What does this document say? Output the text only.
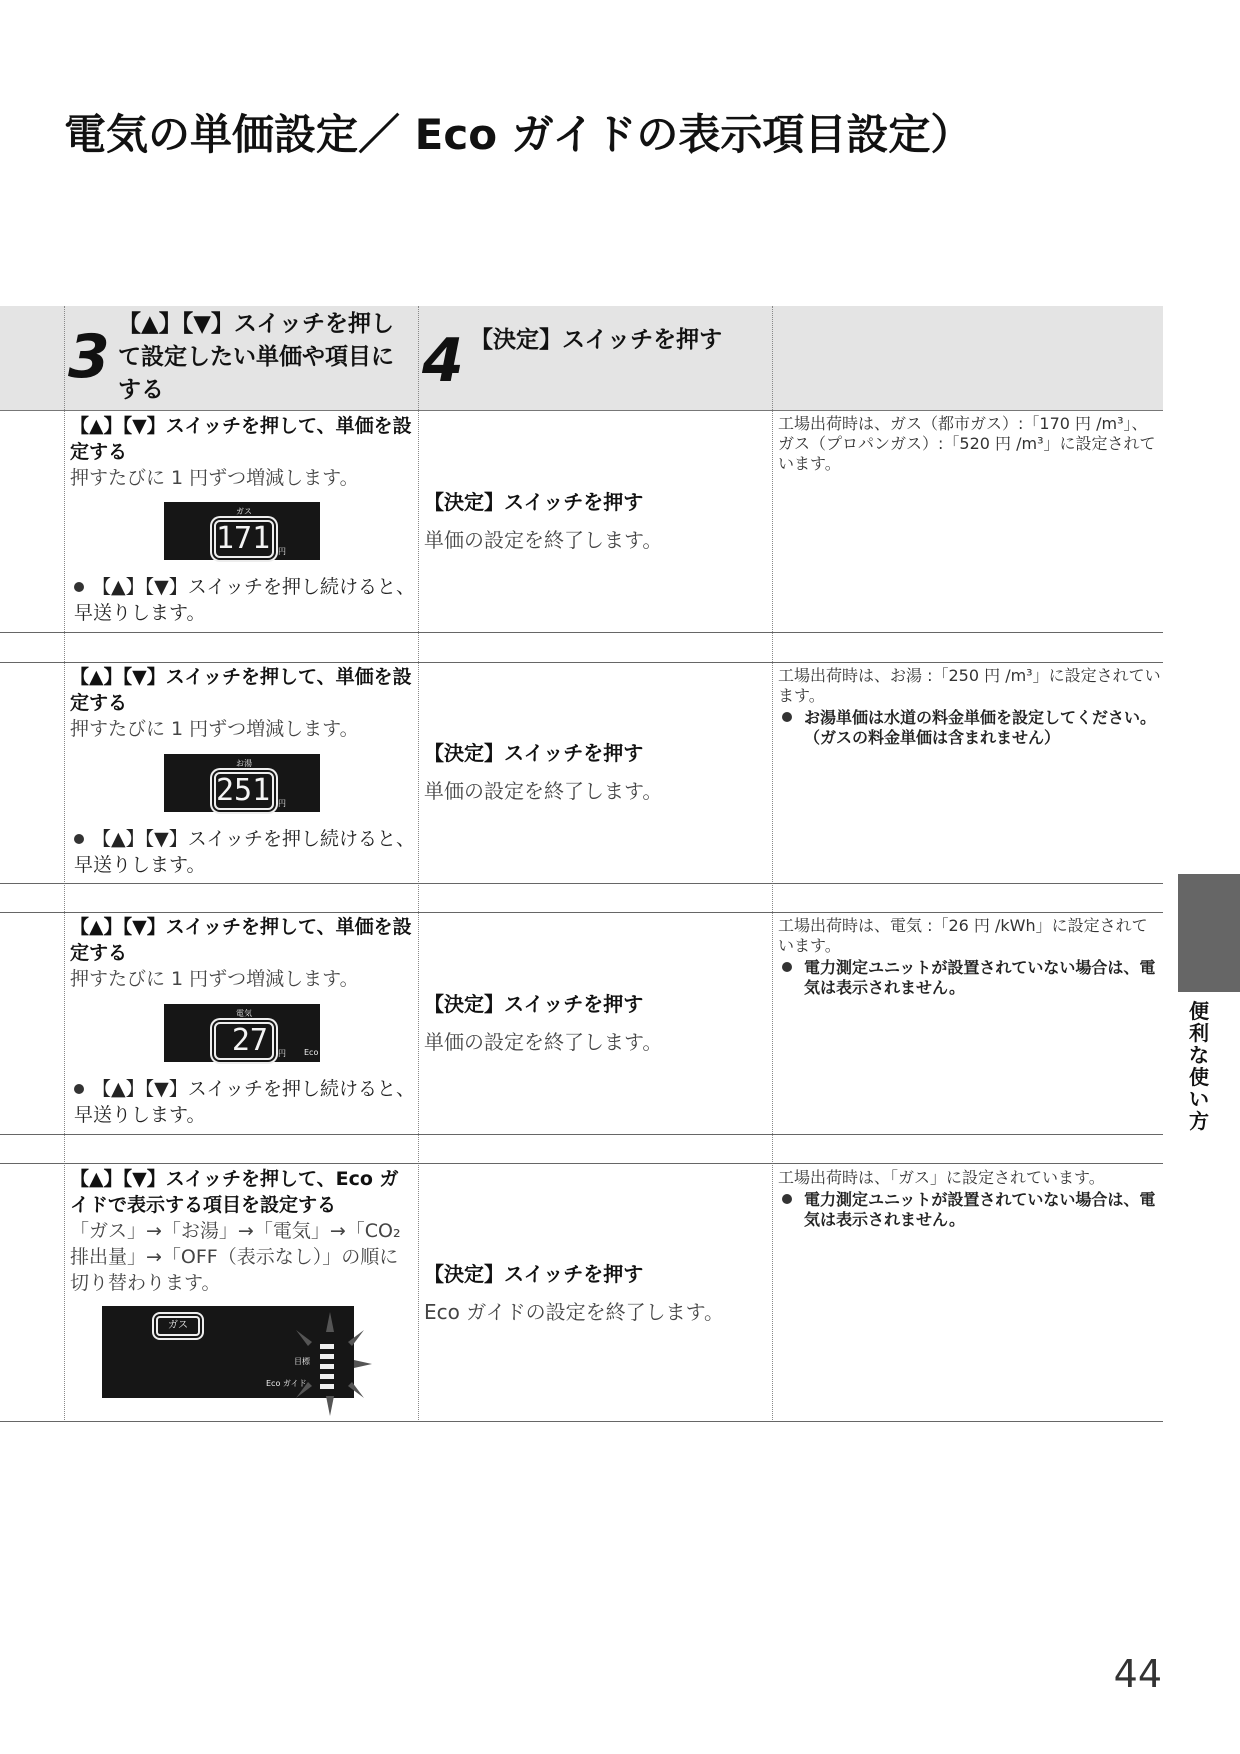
電気の単価設定／ Eco ガイドの表示項目設定）
3 【▲】【▼】スイッチを押して設定したい単価や項目にする	4 【決定】スイッチを押す
【▲】【▼】スイッチを押して、単価を設定する
押すたびに 1 円ずつ増減します。
ガス
171 円
【▲】【▼】スイッチを押し続けると、早送りします。
【決定】スイッチを押す
単価の設定を終了します。
工場出荷時は、ガス（都市ガス）:「170 円 /m³」、ガス（プロパンガス）:「520 円 /m³」に設定されています。
【▲】【▼】スイッチを押して、単価を設定する
押すたびに 1 円ずつ増減します。
お湯
251 円
【▲】【▼】スイッチを押し続けると、早送りします。
【決定】スイッチを押す
単価の設定を終了します。
工場出荷時は、お湯 :「250 円 /m³」に設定されています。
お湯単価は水道の料金単価を設定してください。（ガスの料金単価は含まれません）
【▲】【▼】スイッチを押して、単価を設定する
押すたびに 1 円ずつ増減します。
電気
27	円 Eco
【▲】【▼】スイッチを押し続けると、早送りします。
【決定】スイッチを押す
単価の設定を終了します。
工場出荷時は、電気 :「26 円 /kWh」に設定されています。
電力測定ユニットが設置されていない場合は、電気は表示されません。
【▲】【▼】スイッチを押して、Eco ガイドで表示する項目を設定する
「ガス」→「お湯」→「電気」→「CO₂ 排出量」→「OFF（表示なし）」の順に切り替わります。
ガス
目標
Eco ガイド
【決定】スイッチを押す
Eco ガイドの設定を終了します。
工場出荷時は、「ガス」に設定されています。
電力測定ユニットが設置されていない場合は、電気は表示されません。
便利な使い方
44
